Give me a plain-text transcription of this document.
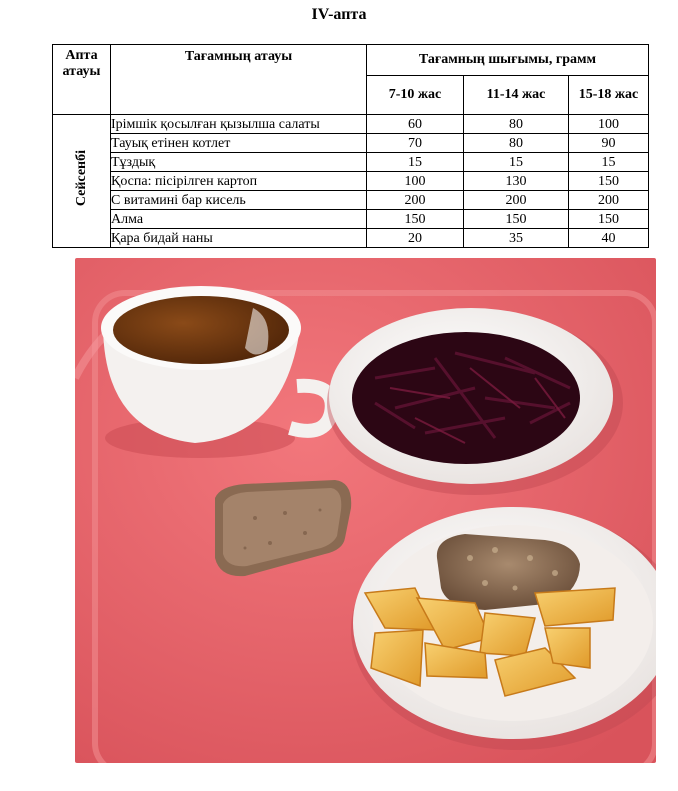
IV-апта
Апта атауы	Тағамның атауы	Тағамның шығымы, грамм		
		7-10 жас	11-14 жас	15-18 жас
Сейсенбі	Ірімшік қосылған қызылша салаты	60	80	100
	Тауық етінен котлет	70	80	90
	Тұздық	15	15	15
	Қоспа: пісірілген картоп	100	130	150
	С витамині бар кисель	200	200	200
	Алма	150	150	150
	Қара бидай наны	20	35	40
